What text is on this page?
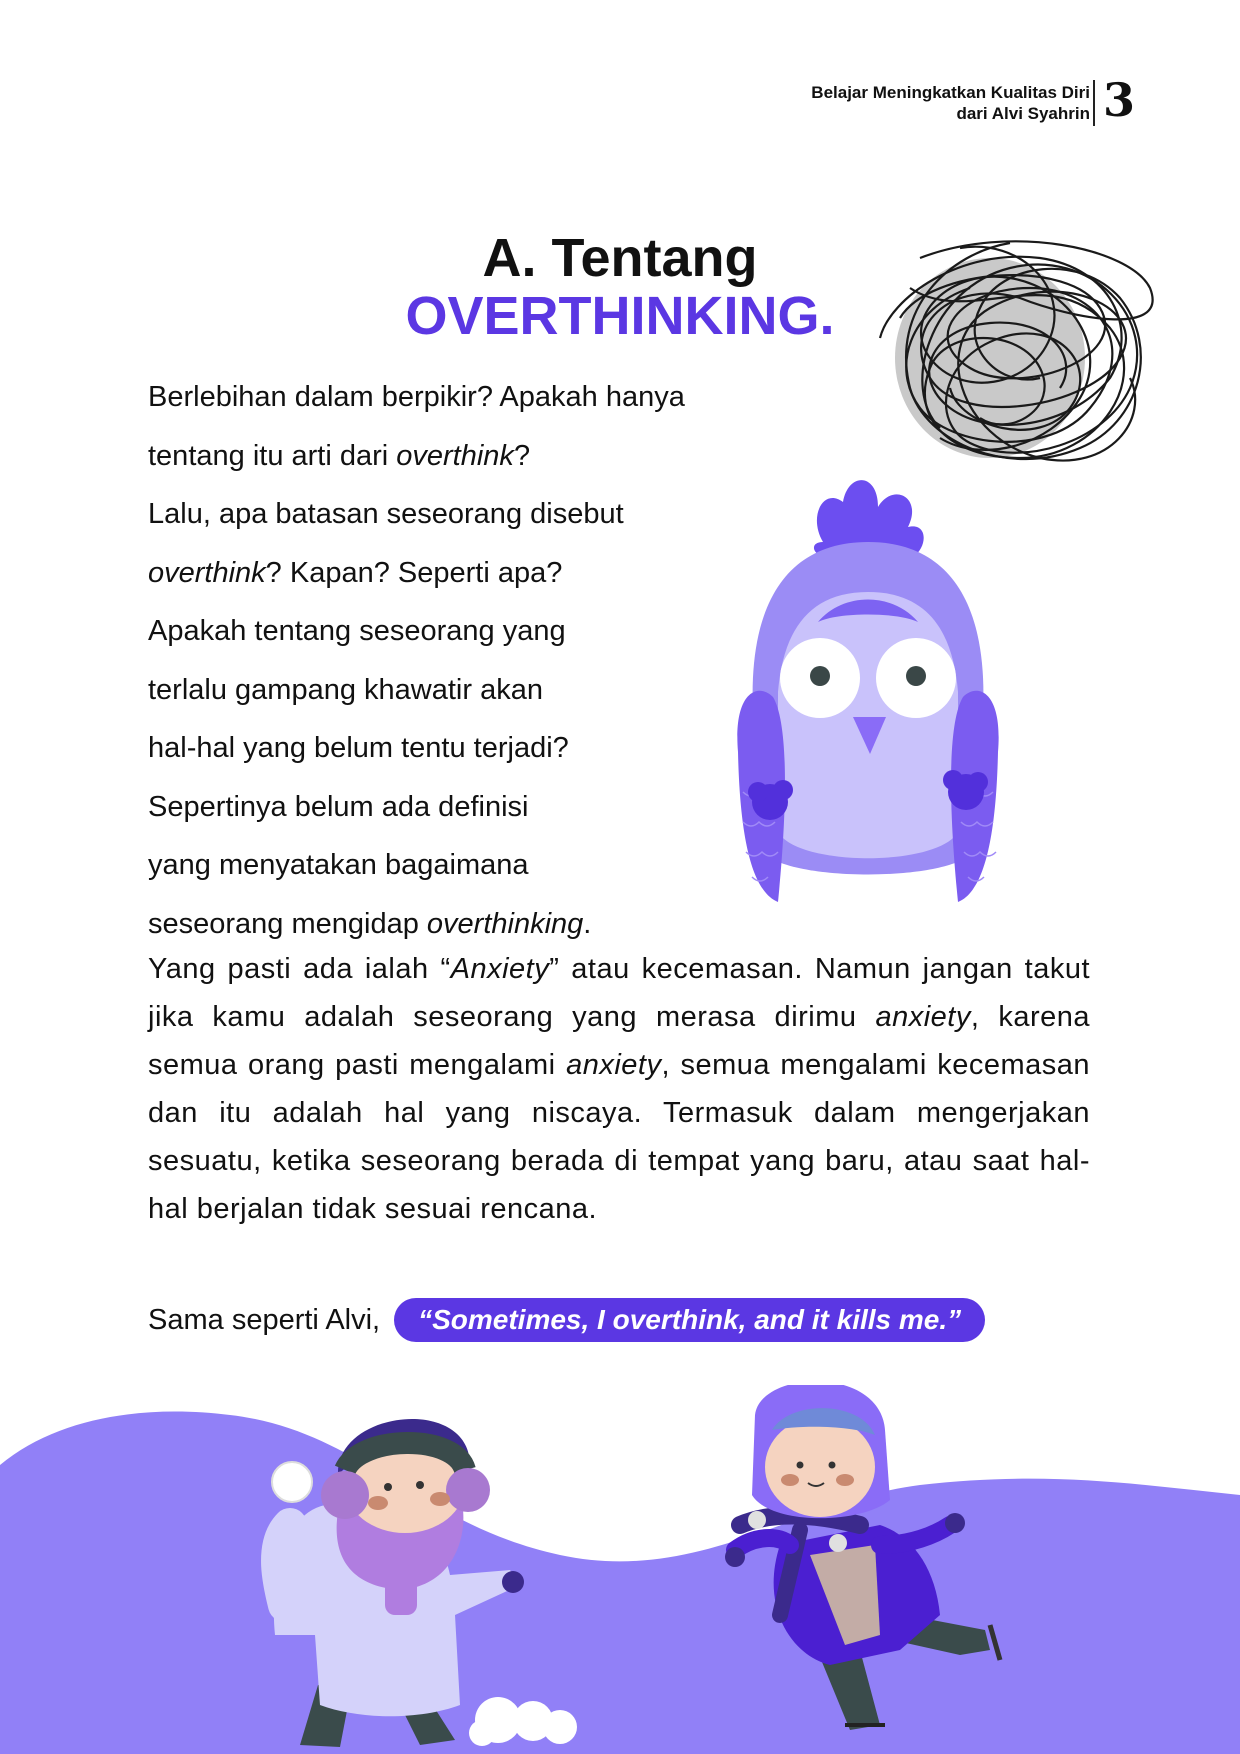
Belajar Meningkatkan Kualitas Diri
dari Alvi Syahrin 3
A. Tentang
OVERTHINKING.
Berlebihan dalam berpikir? Apakah hanya
tentang itu arti dari overthink?
Lalu, apa batasan seseorang disebut
overthink? Kapan? Seperti apa?
Apakah tentang seseorang yang
terlalu gampang khawatir akan
hal-hal yang belum tentu terjadi?
Sepertinya belum ada definisi
yang menyatakan bagaimana
seseorang mengidap overthinking.
Yang pasti ada ialah “Anxiety” atau kecemasan. Namun jangan takut jika kamu adalah seseorang yang merasa dirimu anxiety, karena semua orang pasti mengalami anxiety, semua mengalami kecemasan dan itu adalah hal yang niscaya. Termasuk dalam mengerjakan sesuatu, ketika seseorang berada di tempat yang baru, atau saat hal-hal berjalan tidak sesuai rencana.
Sama seperti Alvi, “Sometimes, I overthink, and it kills me.”
